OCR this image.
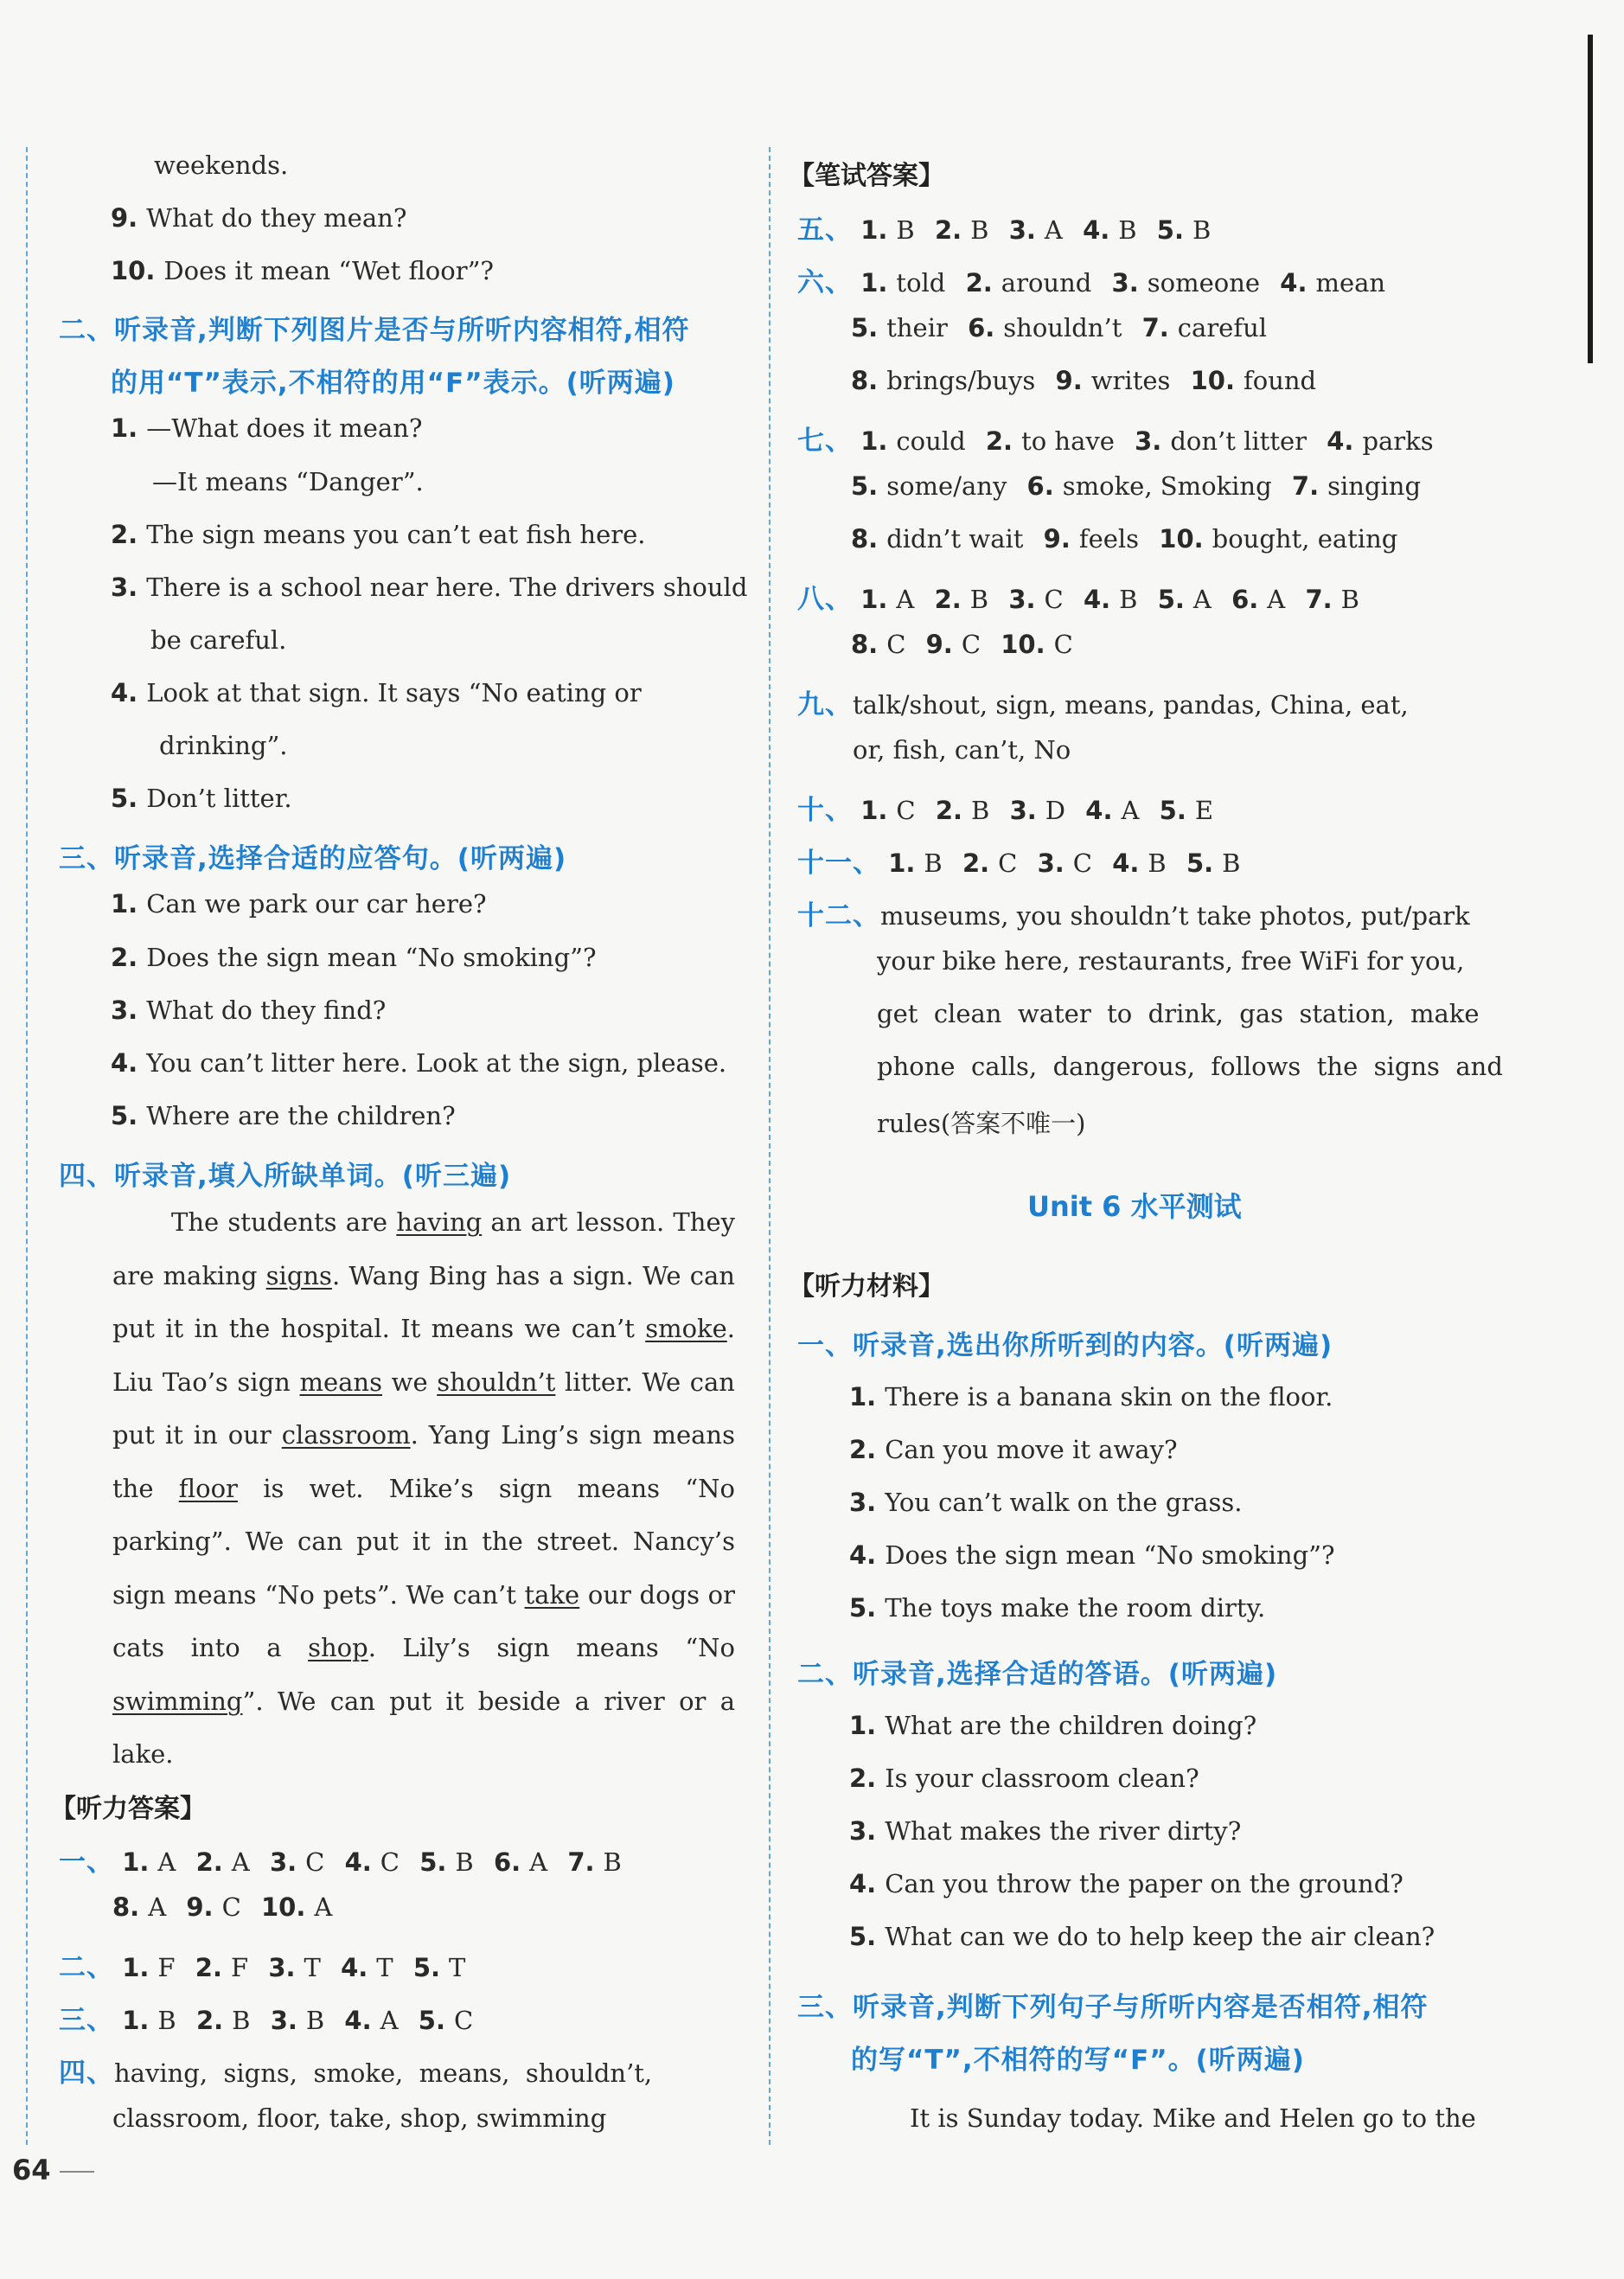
weekends.
9. What do they mean?
10. Does it mean “Wet floor”?
二、听录音,判断下列图片是否与所听内容相符,相符
的用“T”表示,不相符的用“F”表示。(听两遍)
1. —What does it mean?
—It means “Danger”.
2. The sign means you can’t eat fish here.
3. There is a school near here. The drivers should
be careful.
4. Look at that sign. It says “No eating or
drinking”.
5. Don’t litter.
三、听录音,选择合适的应答句。(听两遍)
1. Can we park our car here?
2. Does the sign mean “No smoking”?
3. What do they find?
4. You can’t litter here. Look at the sign, please.
5. Where are the children?
四、听录音,填入所缺单词。(听三遍)
The students are having an art lesson. They are making signs. Wang Bing has a sign. We can put it in the hospital. It means we can’t smoke. Liu Tao’s sign means we shouldn’t litter. We can put it in our classroom. Yang Ling’s sign means the floor is wet. Mike’s sign means “No parking”. We can put it in the street. Nancy’s sign means “No pets”. We can’t take our dogs or cats into a shop. Lily’s sign means “No swimming”. We can put it beside a river or a lake.
【听力答案】
一、 1. A 2. A 3. C 4. C 5. B 6. A 7. B
8. A 9. C 10. A
二、 1. F 2. F 3. T 4. T 5. T
三、 1. B 2. B 3. B 4. A 5. C
四、having,  signs,  smoke,  means,  shouldn’t,
classroom, floor, take, shop, swimming
64
【笔试答案】
五、 1. B 2. B 3. A 4. B 5. B
六、 1. told 2. around 3. someone 4. mean
5. their 6. shouldn’t 7. careful
8. brings/buys 9. writes 10. found
七、 1. could 2. to have 3. don’t litter 4. parks
5. some/any 6. smoke, Smoking 7. singing
8. didn’t wait 9. feels 10. bought, eating
八、 1. A 2. B 3. C 4. B 5. A 6. A 7. B
8. C 9. C 10. C
九、talk/shout, sign, means, pandas, China, eat,
or, fish, can’t, No
十、 1. C 2. B 3. D 4. A 5. E
十一、 1. B 2. C 3. C 4. B 5. B
十二、museums, you shouldn’t take photos, put/park
your bike here, restaurants, free WiFi for you,
get  clean  water  to  drink,  gas  station,  make
phone  calls,  dangerous,  follows  the  signs  and
rules(答案不唯一)
Unit 6 水平测试
【听力材料】
一、听录音,选出你所听到的内容。(听两遍)
1. There is a banana skin on the floor.
2. Can you move it away?
3. You can’t walk on the grass.
4. Does the sign mean “No smoking”?
5. The toys make the room dirty.
二、听录音,选择合适的答语。(听两遍)
1. What are the children doing?
2. Is your classroom clean?
3. What makes the river dirty?
4. Can you throw the paper on the ground?
5. What can we do to help keep the air clean?
三、听录音,判断下列句子与所听内容是否相符,相符
的写“T”,不相符的写“F”。(听两遍)
It is Sunday today. Mike and Helen go to the
